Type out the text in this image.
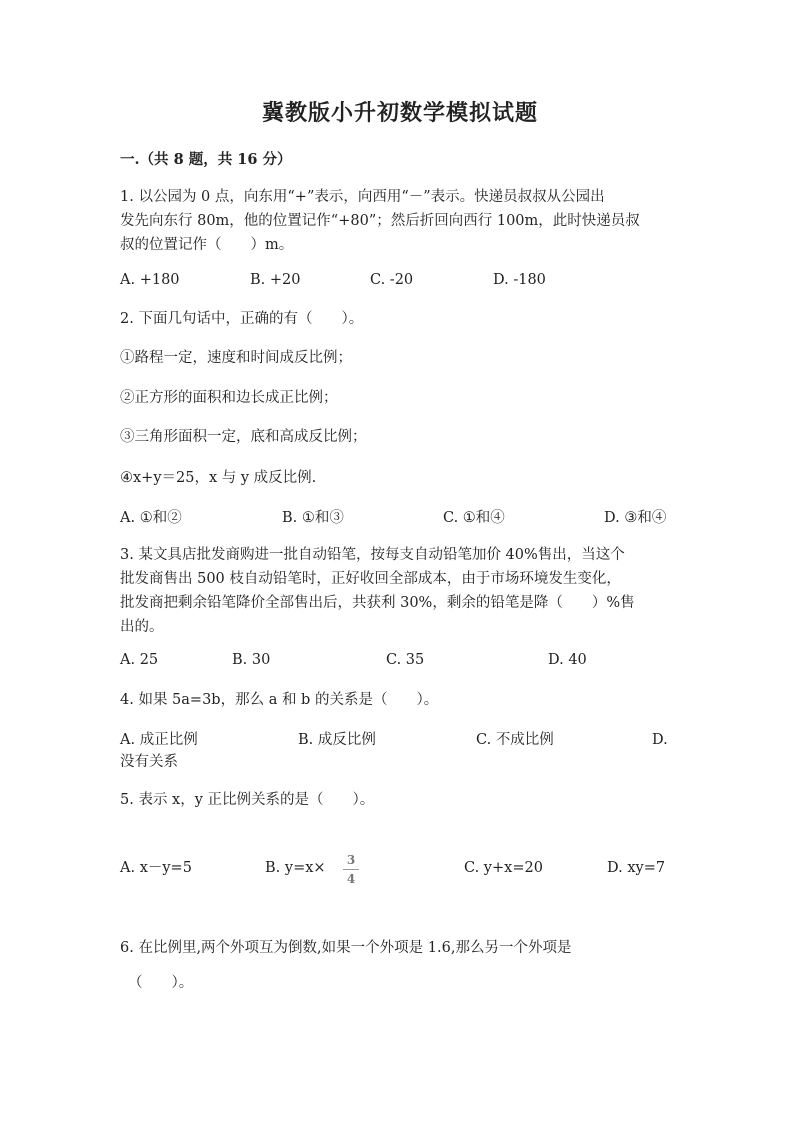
冀教版小升初数学模拟试题
一.（共 8 题，共 16 分）
1. 以公园为 0 点，向东用“+”表示，向西用“－”表示。快递员叔叔从公园出
发先向东行 80m，他的位置记作“+80”；然后折回向西行 100m，此时快递员叔
叔的位置记作（　　）m。
A. +180	B. +20	C. -20	D. -180
2. 下面几句话中，正确的有（　　）。
①路程一定，速度和时间成反比例；
②正方形的面积和边长成正比例；
③三角形面积一定，底和高成反比例；
④x+y＝25，x 与 y 成反比例.
A. ①和②	B. ①和③	C. ①和④	D. ③和④
3. 某文具店批发商购进一批自动铅笔，按每支自动铅笔加价 40%售出，当这个
批发商售出 500 枝自动铅笔时，正好收回全部成本，由于市场环境发生变化，
批发商把剩余铅笔降价全部售出后，共获利 30%，剩余的铅笔是降（　　）%售
出的。
A. 25	B. 30	C. 35	D. 40
4. 如果 5a=3b，那么 a 和 b 的关系是（　　）。
A. 成正比例	B. 成反比例	C. 不成比例	D.
没有关系
5. 表示 x，y 正比例关系的是（　　）。
A. x－y=5	B. y=x×	3
4
C. y+x=20	D. xy=7
6. 在比例里,两个外项互为倒数,如果一个外项是 1.6,那么另一个外项是
（　　）。
